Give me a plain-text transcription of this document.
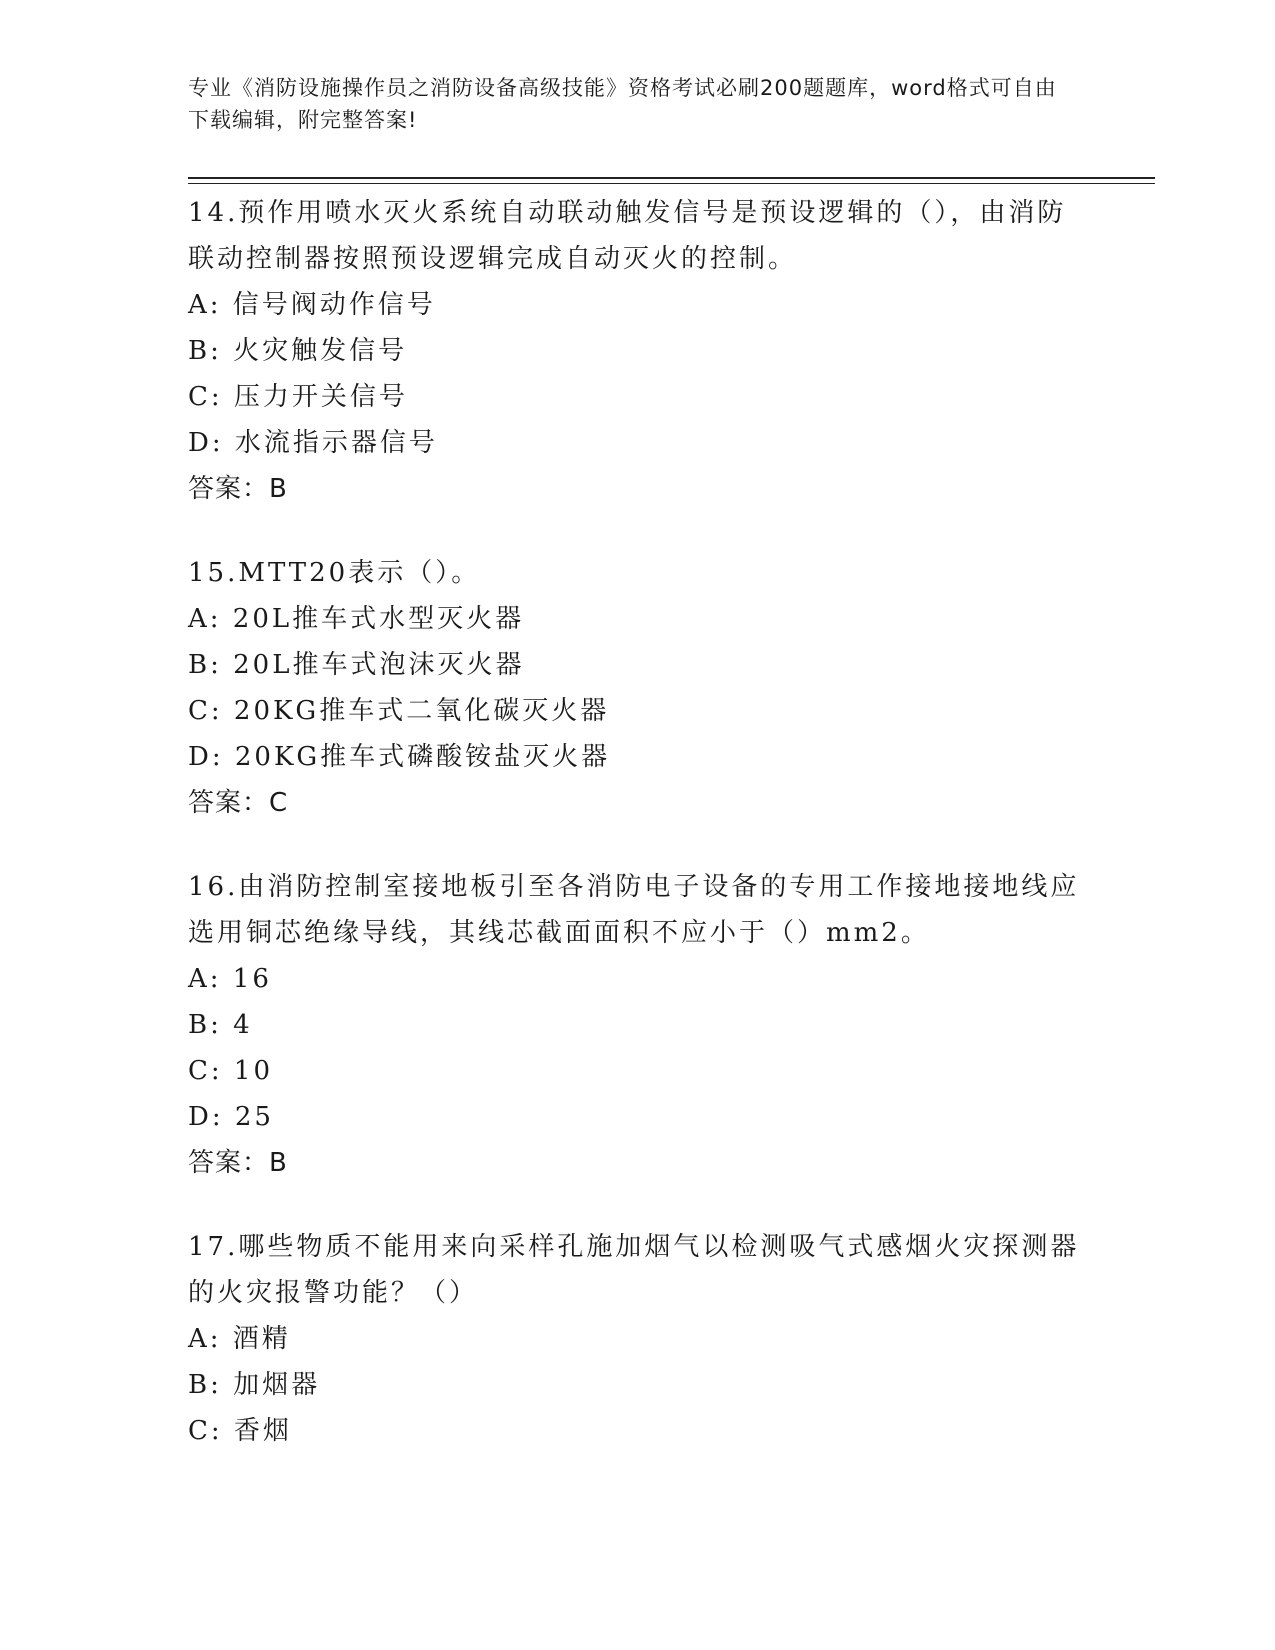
专业《消防设施操作员之消防设备高级技能》资格考试必刷200题题库，word格式可自由下载编辑，附完整答案!
14.预作用喷水灭火系统自动联动触发信号是预设逻辑的（），由消防联动控制器按照预设逻辑完成自动灭火的控制。
A: 信号阀动作信号
B: 火灾触发信号
C: 压力开关信号
D: 水流指示器信号
答案：B
15.MTT20表示（）。
A: 20L推车式水型灭火器
B: 20L推车式泡沫灭火器
C: 20KG推车式二氧化碳灭火器
D: 20KG推车式磷酸铵盐灭火器
答案：C
16.由消防控制室接地板引至各消防电子设备的专用工作接地接地线应选用铜芯绝缘导线，其线芯截面面积不应小于（）mm2。
A: 16
B: 4
C: 10
D: 25
答案：B
17.哪些物质不能用来向采样孔施加烟气以检测吸气式感烟火灾探测器的火灾报警功能？（）
A: 酒精
B: 加烟器
C: 香烟
